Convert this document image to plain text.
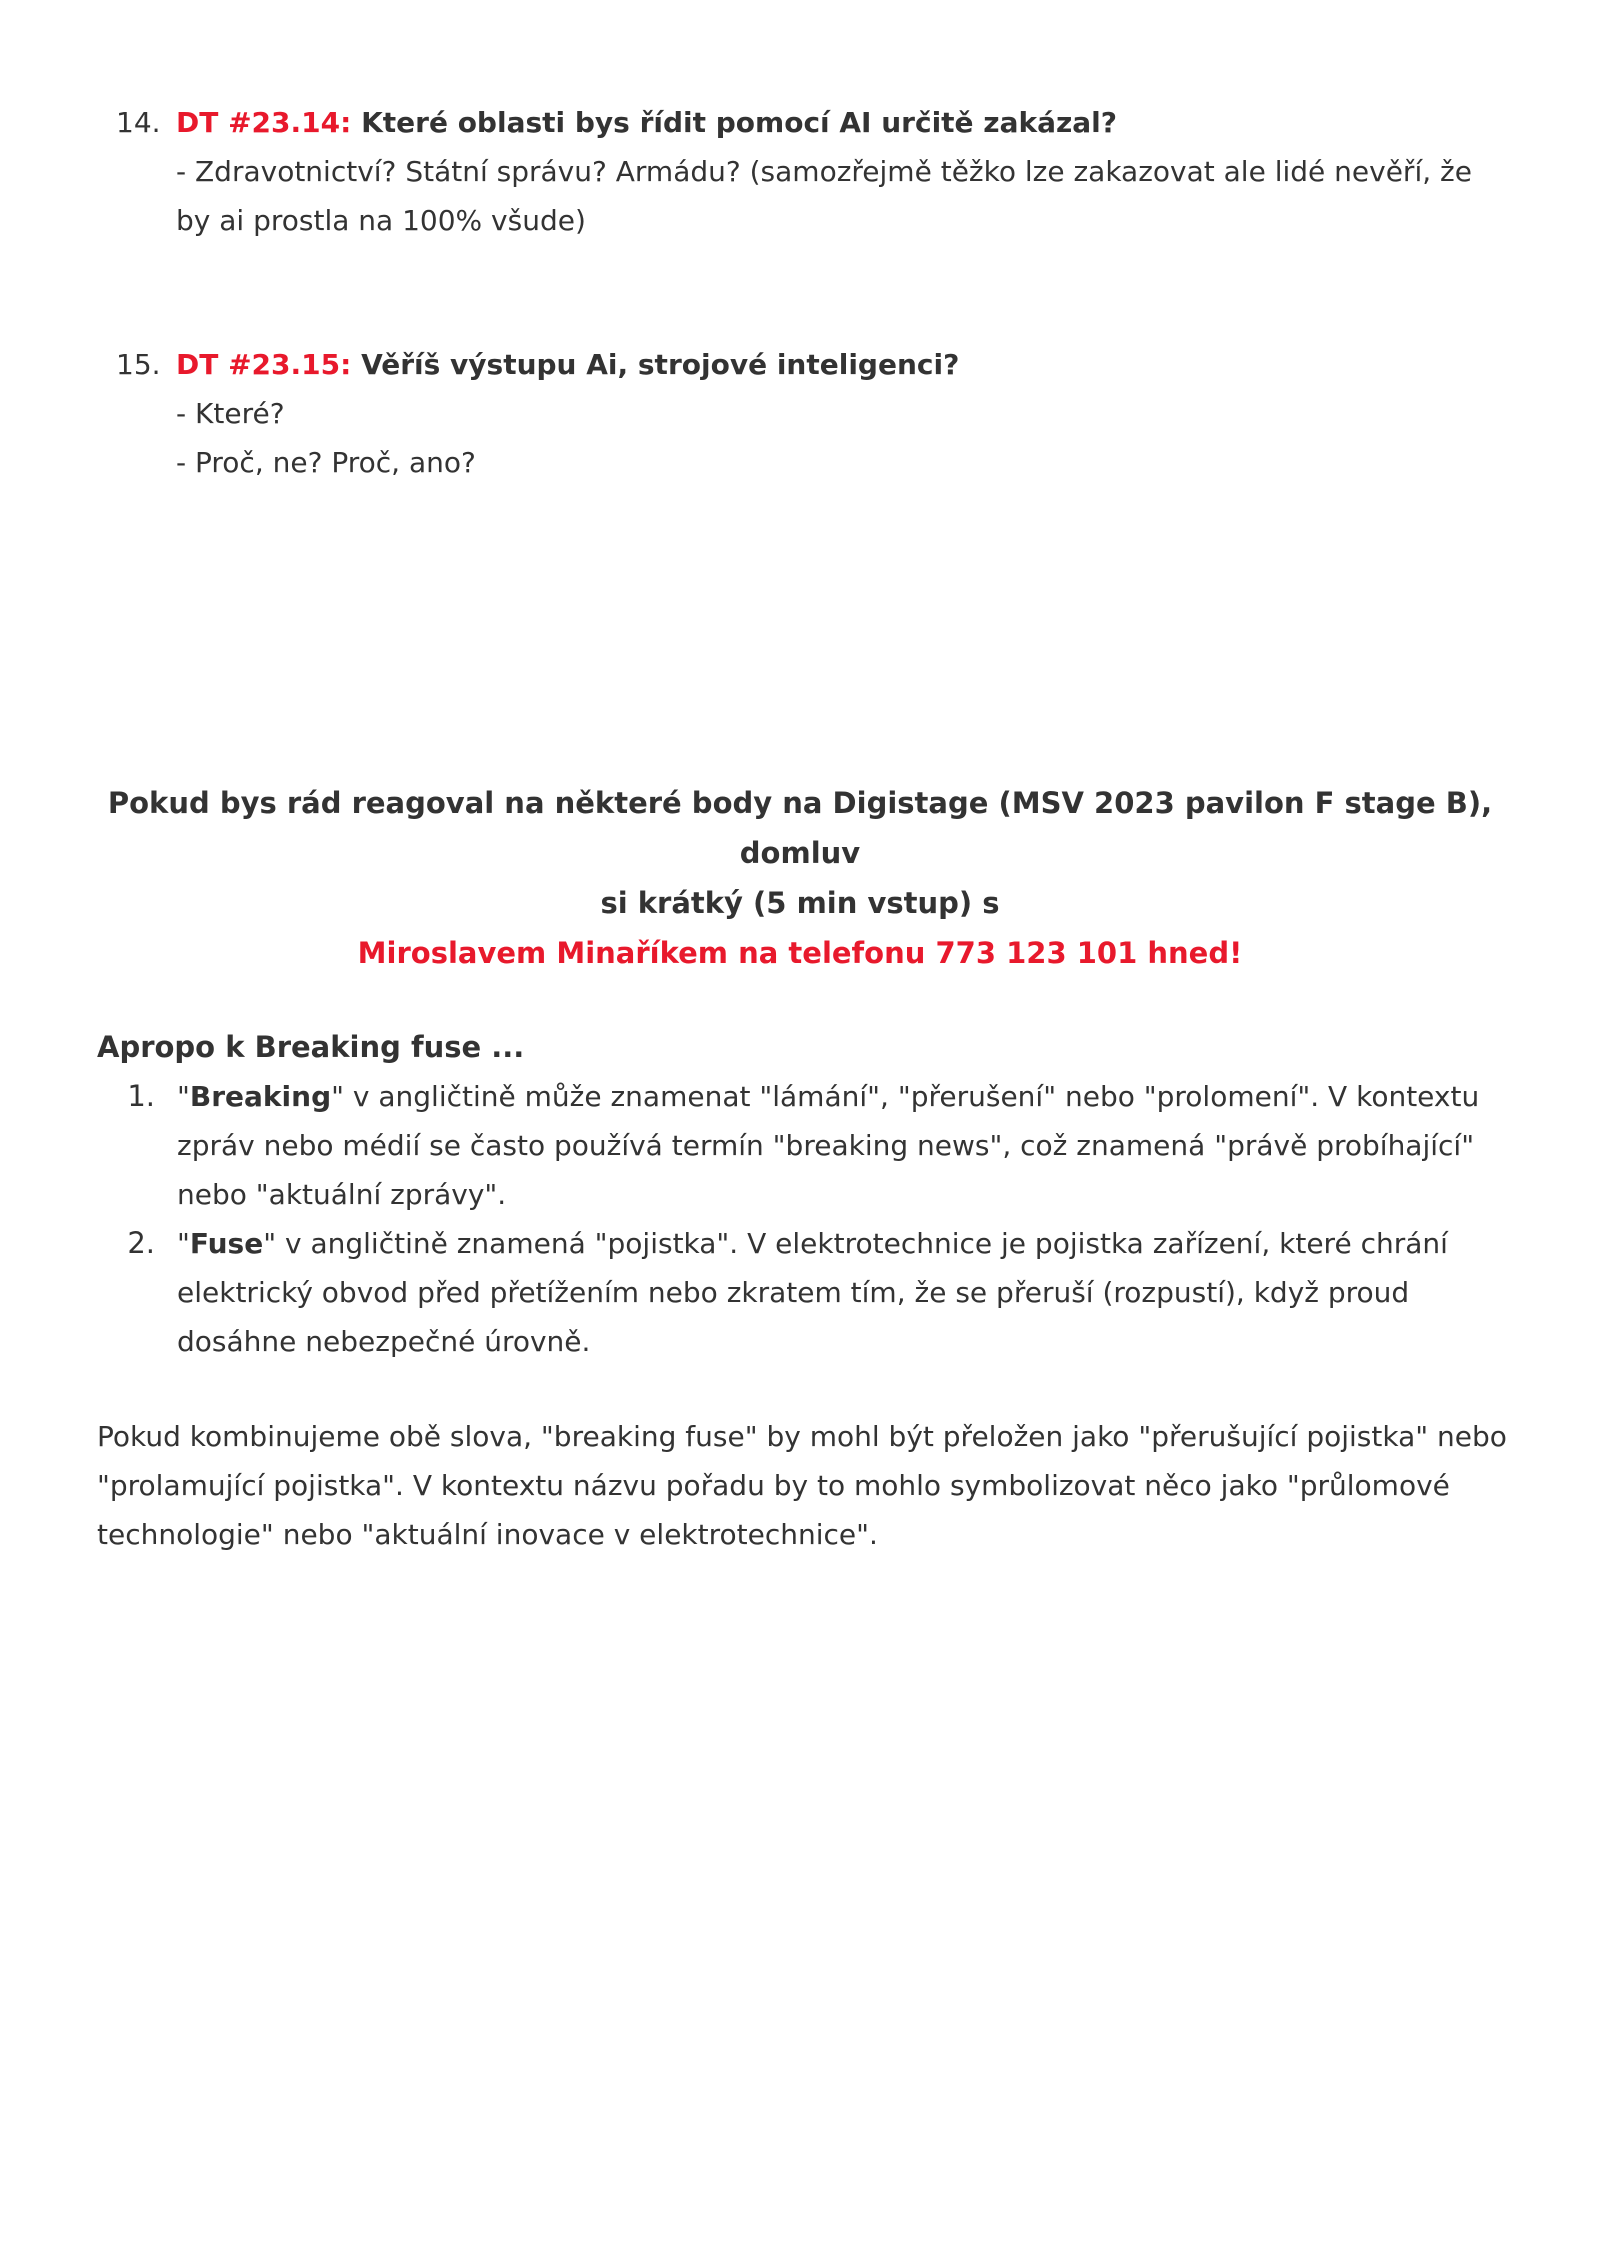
14. DT #23.14: Které oblasti bys řídit pomocí AI určitě zakázal?
- Zdravotnictví? Státní správu? Armádu? (samozřejmě těžko lze zakazovat ale lidé nevěří, že
by ai prostla na 100% všude)
15. DT #23.15: Věříš výstupu Ai, strojové inteligenci?
- Které?
- Proč, ne? Proč, ano?
Pokud bys rád reagoval na některé body na Digistage (MSV 2023 pavilon F stage B), domluv
si krátký (5 min vstup) s
Miroslavem Minaříkem na telefonu 773 123 101 hned!
Apropo k Breaking fuse ...
1. "Breaking" v angličtině může znamenat "lámání", "přerušení" nebo "prolomení". V kontextu zpráv nebo médií se často používá termín "breaking news", což znamená "právě probíhající" nebo "aktuální zprávy".
2. "Fuse" v angličtině znamená "pojistka". V elektrotechnice je pojistka zařízení, které chrání elektrický obvod před přetížením nebo zkratem tím, že se přeruší (rozpustí), když proud dosáhne nebezpečné úrovně.
Pokud kombinujeme obě slova, "breaking fuse" by mohl být přeložen jako "přerušující pojistka" nebo "prolamující pojistka". V kontextu názvu pořadu by to mohlo symbolizovat něco jako "průlomové technologie" nebo "aktuální inovace v elektrotechnice".
